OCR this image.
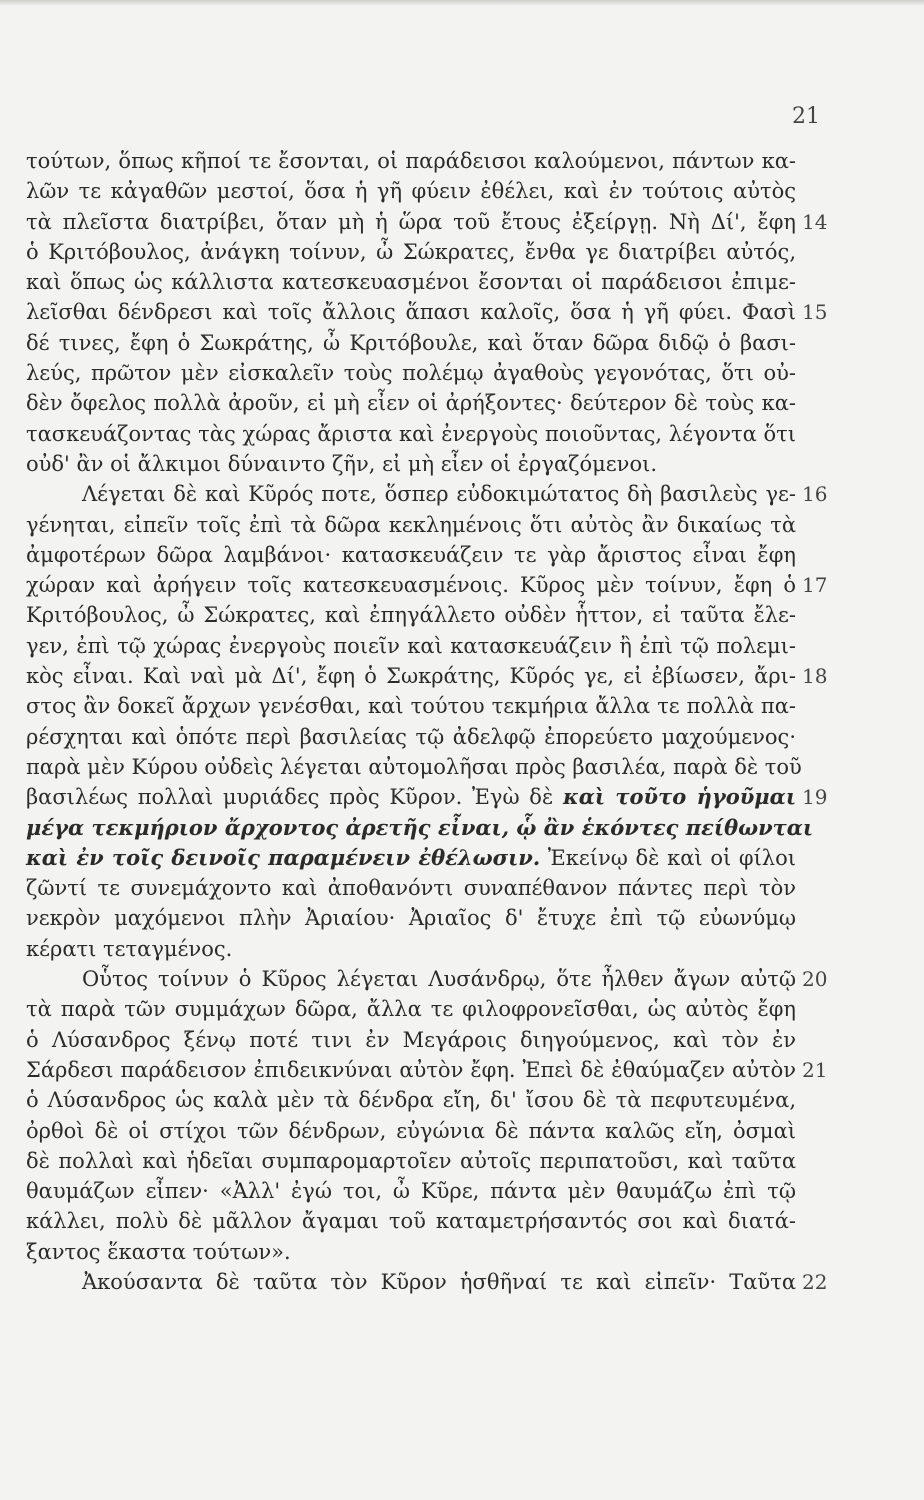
21
τούτων, ὅπως κῆποί τε ἔσονται, οἱ παράδεισοι καλούμενοι, πάντων κα-
λῶν τε κἀγαθῶν μεστοί, ὅσα ἡ γῆ φύειν ἐθέλει, καὶ ἐν τούτοις αὐτὸς
τὰ πλεῖστα διατρίβει, ὅταν μὴ ἡ ὥρα τοῦ ἔτους ἐξείργῃ. Νὴ Δί', ἔφη 14
ὁ Κριτόβουλος, ἀνάγκη τοίνυν, ὦ Σώκρατες, ἔνθα γε διατρίβει αὐτός,
καὶ ὅπως ὡς κάλλιστα κατεσκευασμένοι ἔσονται οἱ παράδεισοι ἐπιμε-
λεῖσθαι δένδρεσι καὶ τοῖς ἄλλοις ἅπασι καλοῖς, ὅσα ἡ γῆ φύει. Φασὶ 15
δέ τινες, ἔφη ὁ Σωκράτης, ὦ Κριτόβουλε, καὶ ὅταν δῶρα διδῷ ὁ βασι-
λεύς, πρῶτον μὲν εἰσκαλεῖν τοὺς πολέμῳ ἀγαθοὺς γεγονότας, ὅτι οὐ-
δὲν ὄφελος πολλὰ ἀροῦν, εἰ μὴ εἶεν οἱ ἀρήξοντες· δεύτερον δὲ τοὺς κα-
τασκευάζοντας τὰς χώρας ἄριστα καὶ ἐνεργοὺς ποιοῦντας, λέγοντα ὅτι
οὐδ' ἂν οἱ ἄλκιμοι δύναιντο ζῆν, εἰ μὴ εἶεν οἱ ἐργαζόμενοι.
Λέγεται δὲ καὶ Κῦρός ποτε, ὅσπερ εὐδοκιμώτατος δὴ βασιλεὺς γε- 16
γένηται, εἰπεῖν τοῖς ἐπὶ τὰ δῶρα κεκλημένοις ὅτι αὐτὸς ἂν δικαίως τὰ
ἀμφοτέρων δῶρα λαμβάνοι· κατασκευάζειν τε γὰρ ἄριστος εἶναι ἔφη
χώραν καὶ ἀρήγειν τοῖς κατεσκευασμένοις. Κῦρος μὲν τοίνυν, ἔφη ὁ 17
Κριτόβουλος, ὦ Σώκρατες, καὶ ἐπηγάλλετο οὐδὲν ἧττον, εἰ ταῦτα ἔλε-
γεν, ἐπὶ τῷ χώρας ἐνεργοὺς ποιεῖν καὶ κατασκευάζειν ἢ ἐπὶ τῷ πολεμι-
κὸς εἶναι. Καὶ ναὶ μὰ Δί', ἔφη ὁ Σωκράτης, Κῦρός γε, εἰ ἐβίωσεν, ἄρι- 18
στος ἂν δοκεῖ ἄρχων γενέσθαι, καὶ τούτου τεκμήρια ἄλλα τε πολλὰ πα-
ρέσχηται καὶ ὁπότε περὶ βασιλείας τῷ ἀδελφῷ ἐπορεύετο μαχούμενος·
παρὰ μὲν Κύρου οὐδεὶς λέγεται αὐτομολῆσαι πρὸς βασιλέα, παρὰ δὲ τοῦ
βασιλέως πολλαὶ μυριάδες πρὸς Κῦρον. Ἐγὼ δὲ καὶ τοῦτο ἡγοῦμαι 19
μέγα τεκμήριον ἄρχοντος ἀρετῆς εἶναι, ᾧ ἂν ἑκόντες πείθωνται
καὶ ἐν τοῖς δεινοῖς παραμένειν ἐθέλωσιν. Ἐκείνῳ δὲ καὶ οἱ φίλοι
ζῶντί τε συνεμάχοντο καὶ ἀποθανόντι συναπέθανον πάντες περὶ τὸν
νεκρὸν μαχόμενοι πλὴν Ἀριαίου· Ἀριαῖος δ' ἔτυχε ἐπὶ τῷ εὐωνύμῳ
κέρατι τεταγμένος.
Οὗτος τοίνυν ὁ Κῦρος λέγεται Λυσάνδρῳ, ὅτε ἦλθεν ἄγων αὐτῷ 20
τὰ παρὰ τῶν συμμάχων δῶρα, ἄλλα τε φιλοφρονεῖσθαι, ὡς αὐτὸς ἔφη
ὁ Λύσανδρος ξένῳ ποτέ τινι ἐν Μεγάροις διηγούμενος, καὶ τὸν ἐν
Σάρδεσι παράδεισον ἐπιδεικνύναι αὐτὸν ἔφη. Ἐπεὶ δὲ ἐθαύμαζεν αὐτὸν 21
ὁ Λύσανδρος ὡς καλὰ μὲν τὰ δένδρα εἴη, δι' ἴσου δὲ τὰ πεφυτευμένα,
ὀρθοὶ δὲ οἱ στίχοι τῶν δένδρων, εὐγώνια δὲ πάντα καλῶς εἴη, ὀσμαὶ
δὲ πολλαὶ καὶ ἡδεῖαι συμπαρομαρτοῖεν αὐτοῖς περιπατοῦσι, καὶ ταῦτα
θαυμάζων εἶπεν· «Ἀλλ' ἐγώ τοι, ὦ Κῦρε, πάντα μὲν θαυμάζω ἐπὶ τῷ
κάλλει, πολὺ δὲ μᾶλλον ἄγαμαι τοῦ καταμετρήσαντός σοι καὶ διατά-
ξαντος ἕκαστα τούτων».
Ἀκούσαντα δὲ ταῦτα τὸν Κῦρον ἡσθῆναί τε καὶ εἰπεῖν· Ταῦτα 22
